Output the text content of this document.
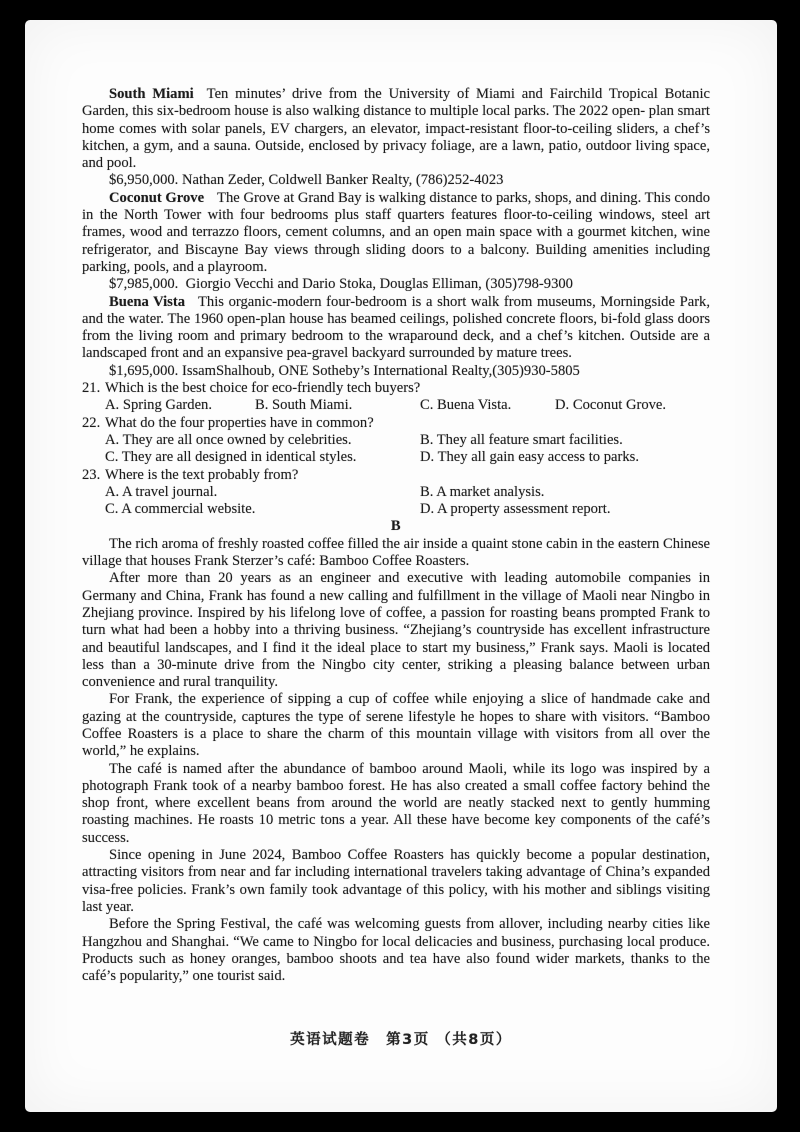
South Miami Ten minutes’ drive from the University of Miami and Fairchild Tropical Botanic Garden, this six-bedroom house is also walking distance to multiple local parks. The 2022 open- plan smart home comes with solar panels, EV chargers, an elevator, impact-resistant floor-to-ceiling sliders, a chef’s kitchen, a gym, and a sauna. Outside, enclosed by privacy foliage, are a lawn, patio, outdoor living space, and pool.

$6,950,000. Nathan Zeder, Coldwell Banker Realty, (786)252-4023

Coconut Grove The Grove at Grand Bay is walking distance to parks, shops, and dining. This condo in the North Tower with four bedrooms plus staff quarters features floor-to-ceiling windows, steel art frames, wood and terrazzo floors, cement columns, and an open main space with a gourmet kitchen, wine refrigerator, and Biscayne Bay views through sliding doors to a balcony. Building amenities including parking, pools, and a playroom.

$7,985,000. Giorgio Vecchi and Dario Stoka, Douglas Elliman, (305)798-9300

Buena Vista This organic-modern four-bedroom is a short walk from museums, Morningside Park, and the water. The 1960 open-plan house has beamed ceilings, polished concrete floors, bi-fold glass doors from the living room and primary bedroom to the wraparound deck, and a chef’s kitchen. Outside are a landscaped front and an expansive pea-gravel backyard surrounded by mature trees.

$1,695,000. IssamShalhoub, ONE Sotheby’s International Realty,(305)930-5805

21. Which is the best choice for eco-friendly tech buyers?
A. Spring Garden.	B. South Miami.	C. Buena Vista.	D. Coconut Grove.
22. What do the four properties have in common?
A. They are all once owned by celebrities.	B. They all feature smart facilities.
C. They are all designed in identical styles.	D. They all gain easy access to parks.
23. Where is the text probably from?
A. A travel journal.	B. A market analysis.
C. A commercial website.	D. A property assessment report.
B

The rich aroma of freshly roasted coffee filled the air inside a quaint stone cabin in the eastern Chinese village that houses Frank Sterzer’s café: Bamboo Coffee Roasters.

After more than 20 years as an engineer and executive with leading automobile companies in Germany and China, Frank has found a new calling and fulfillment in the village of Maoli near Ningbo in Zhejiang province. Inspired by his lifelong love of coffee, a passion for roasting beans prompted Frank to turn what had been a hobby into a thriving business. “Zhejiang’s countryside has excellent infrastructure and beautiful landscapes, and I find it the ideal place to start my business,” Frank says. Maoli is located less than a 30-minute drive from the Ningbo city center, striking a pleasing balance between urban convenience and rural tranquility.

For Frank, the experience of sipping a cup of coffee while enjoying a slice of handmade cake and gazing at the countryside, captures the type of serene lifestyle he hopes to share with visitors. “Bamboo Coffee Roasters is a place to share the charm of this mountain village with visitors from all over the world,” he explains.

The café is named after the abundance of bamboo around Maoli, while its logo was inspired by a photograph Frank took of a nearby bamboo forest. He has also created a small coffee factory behind the shop front, where excellent beans from around the world are neatly stacked next to gently humming roasting machines. He roasts 10 metric tons a year. All these have become key components of the café’s success.

Since opening in June 2024, Bamboo Coffee Roasters has quickly become a popular destination, attracting visitors from near and far including international travelers taking advantage of China’s expanded visa-free policies. Frank’s own family took advantage of this policy, with his mother and siblings visiting last year.

Before the Spring Festival, the café was welcoming guests from allover, including nearby cities like Hangzhou and Shanghai. “We came to Ningbo for local delicacies and business, purchasing local produce. Products such as honey oranges, bamboo shoots and tea have also found wider markets, thanks to the café’s popularity,” one tourist said.

英语试题卷　第3页 （共8页）
